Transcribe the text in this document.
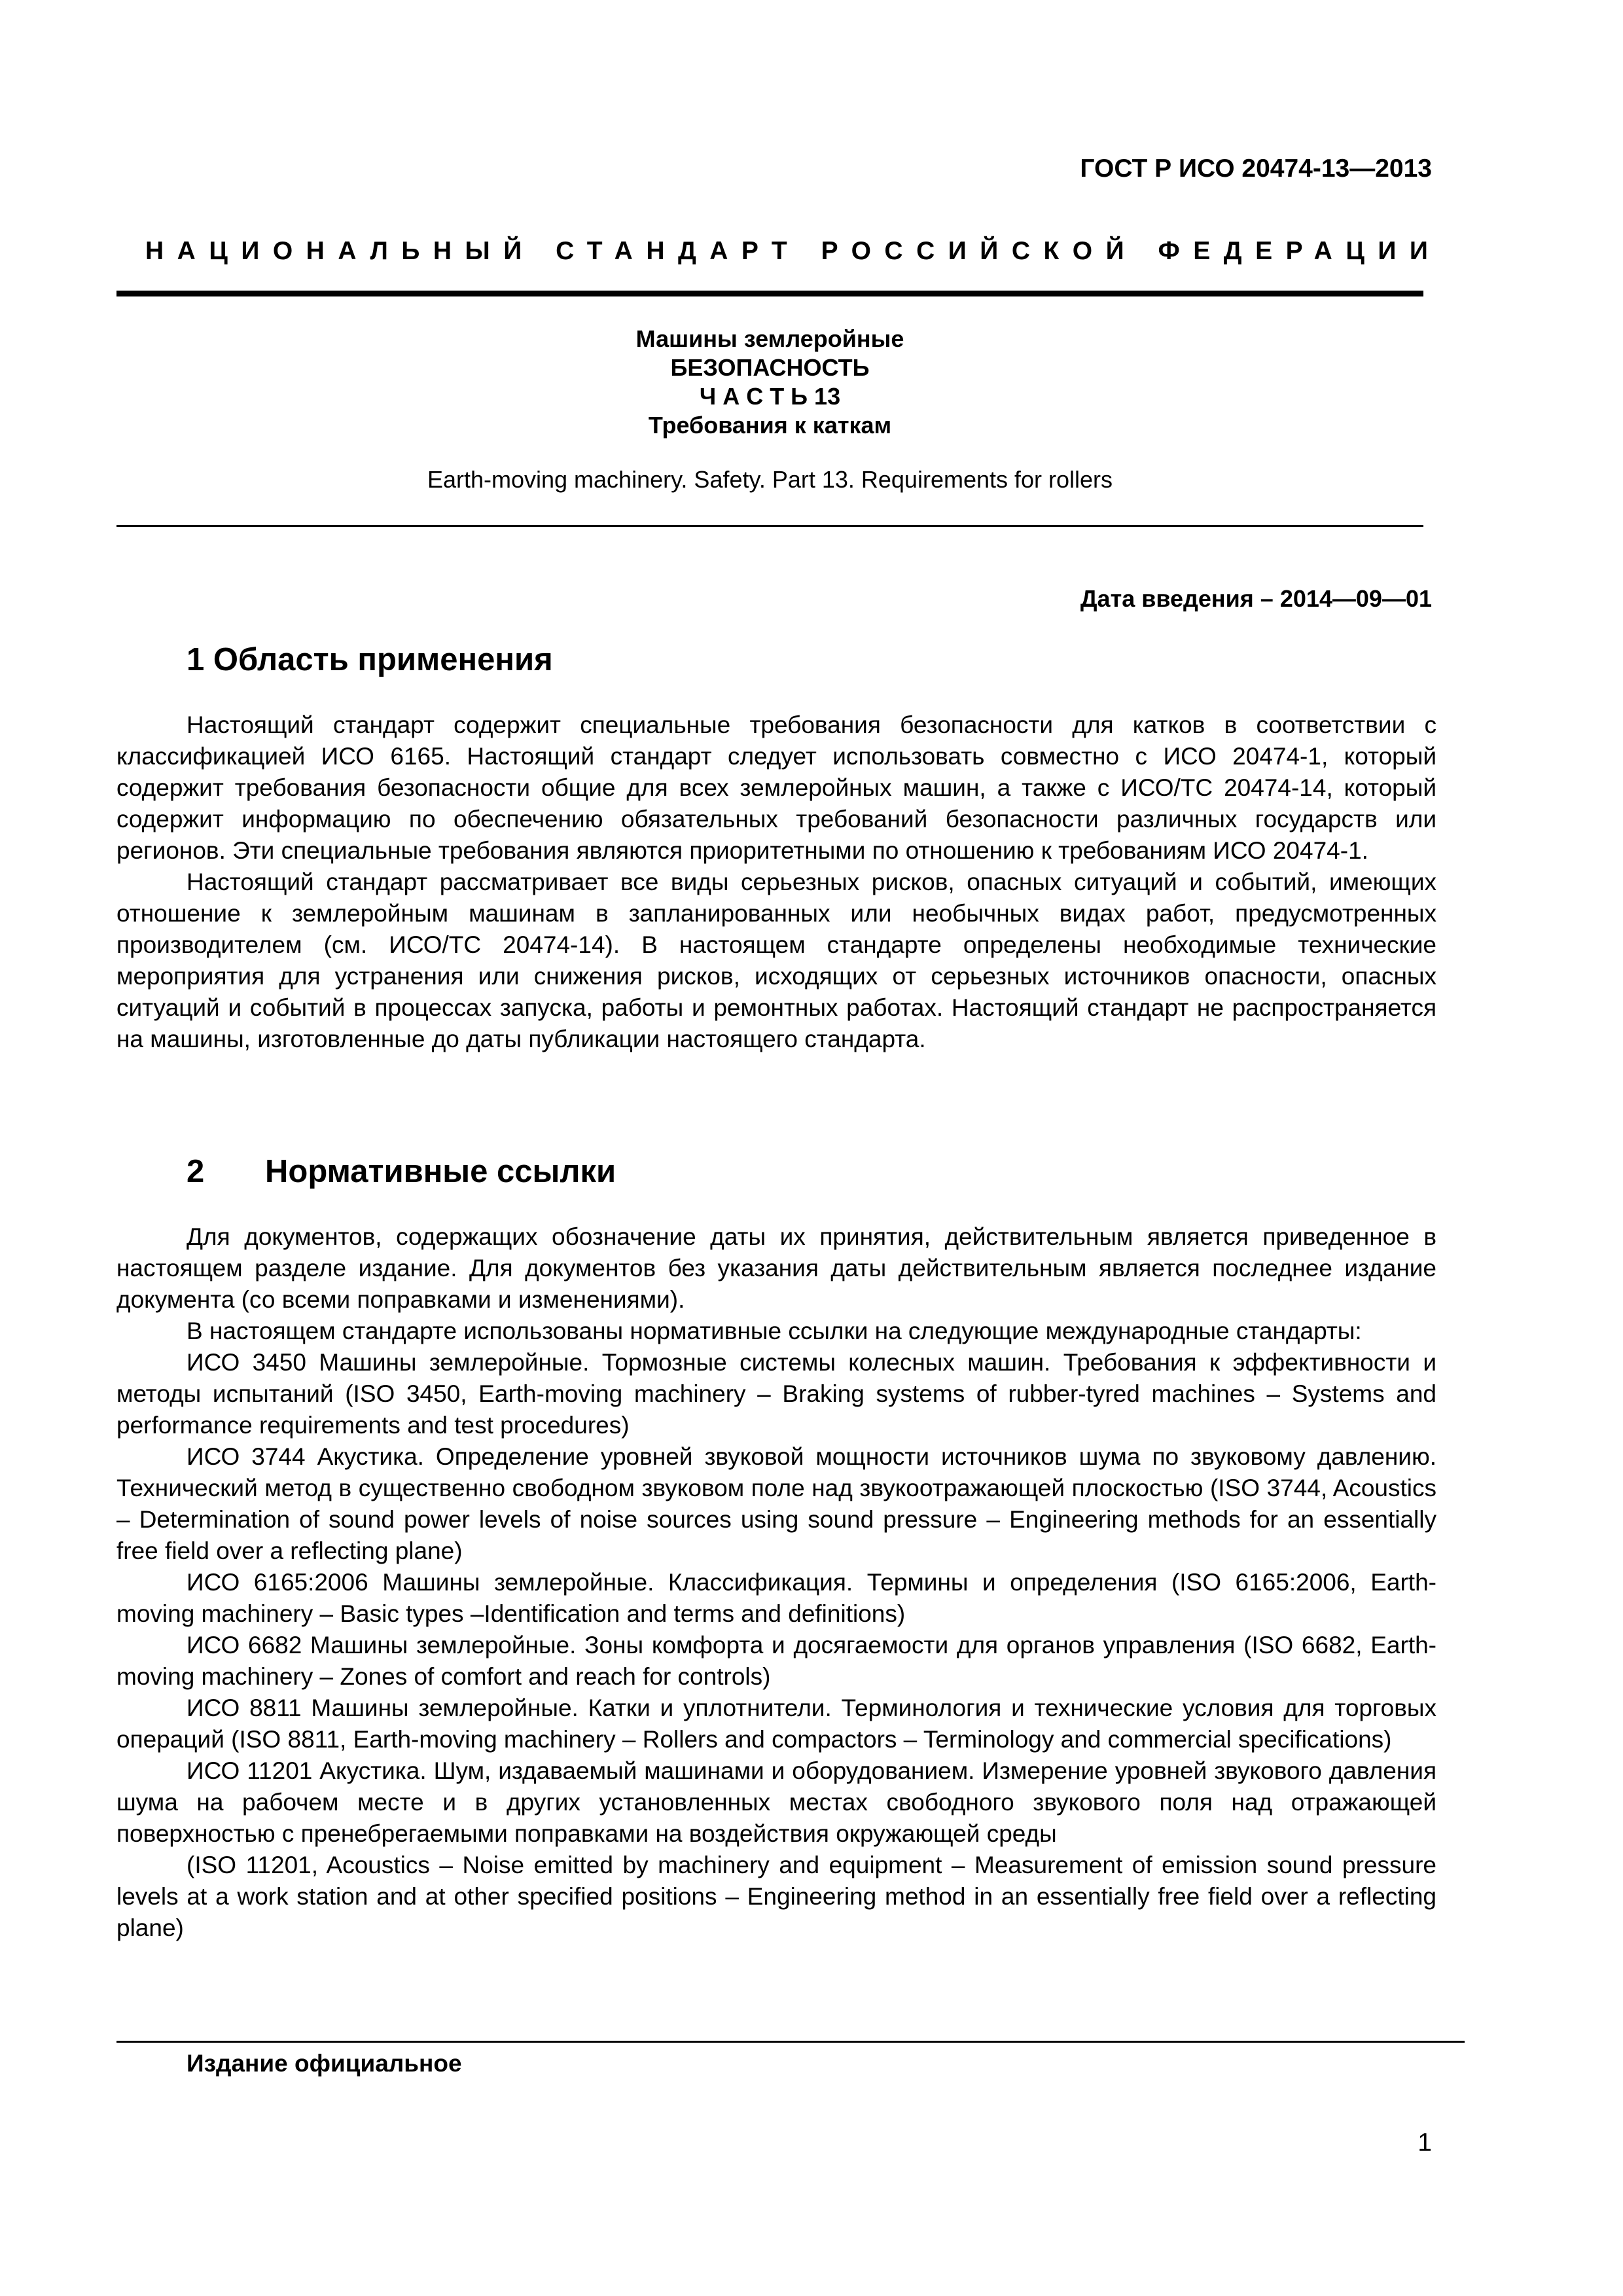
ГОСТ Р ИСО 20474-13—2013
НАЦИОНАЛЬНЫЙ СТАНДАРТ РОССИЙСКОЙ ФЕДЕРАЦИИ
Машины землеройные
БЕЗОПАСНОСТЬ
Ч А С Т Ь 13
Требования к каткам
Earth-moving machinery. Safety. Part 13. Requirements for rollers
Дата введения – 2014—09—01
1 Область применения

Настоящий стандарт содержит специальные требования безопасности для катков в соответствии с классификацией ИСО 6165. Настоящий стандарт следует использовать совместно с ИСО 20474-1, который содержит требования безопасности общие для всех землеройных машин, а также с ИСО/ТС 20474-14, который содержит информацию по обеспечению обязательных требований безопасности различных государств или регионов. Эти специальные требования являются приоритетными по отношению к требованиям ИСО 20474-1.

Настоящий стандарт рассматривает все виды серьезных рисков, опасных ситуаций и событий, имеющих отношение к землеройным машинам в запланированных или необычных видах работ, предусмотренных производителем (см. ИСО/ТС 20474-14). В настоящем стандарте определены необходимые технические мероприятия для устранения или снижения рисков, исходящих от серьезных источников опасности, опасных ситуаций и событий в процессах запуска, работы и ремонтных работах. Настоящий стандарт не распространяется на машины, изготовленные до даты публикации настоящего стандарта.

2 Нормативные ссылки

Для документов, содержащих обозначение даты их принятия, действительным является приведенное в настоящем разделе издание. Для документов без указания даты действительным является последнее издание документа (со всеми поправками и изменениями).

В настоящем стандарте использованы нормативные ссылки на следующие международные стандарты:

ИСО 3450 Машины землеройные. Тормозные системы колесных машин. Требования к эффективности и методы испытаний (ISO 3450, Earth-moving machinery – Braking systems of rubber-tyred machines – Systems and performance requirements and test procedures)

ИСО 3744 Акустика. Определение уровней звуковой мощности источников шума по звуковому давлению. Технический метод в существенно свободном звуковом поле над звукоотражающей плоскостью (ISO 3744, Acoustics – Determination of sound power levels of noise sources using sound pressure – Engineering methods for an essentially free field over a reflecting plane)

ИСО 6165:2006 Машины землеройные. Классификация. Термины и определения (ISO 6165:2006, Earth-moving machinery – Basic types –Identification and terms and definitions)

ИСО 6682 Машины землеройные. Зоны комфорта и досягаемости для органов управления (ISO 6682, Earth-moving machinery – Zones of comfort and reach for controls)

ИСО 8811 Машины землеройные. Катки и уплотнители. Терминология и технические условия для торговых операций (ISO 8811, Earth-moving machinery – Rollers and compactors – Terminology and commercial specifications)

ИСО 11201 Акустика. Шум, издаваемый машинами и оборудованием. Измерение уровней звукового давления шума на рабочем месте и в других установленных местах свободного звукового поля над отражающей поверхностью с пренебрегаемыми поправками на воздействия окружающей среды

(ISO 11201, Acoustics – Noise emitted by machinery and equipment – Measurement of emission sound pressure levels at a work station and at other specified positions – Engineering method in an essentially free field over a reflecting plane)

Издание официальное
1
